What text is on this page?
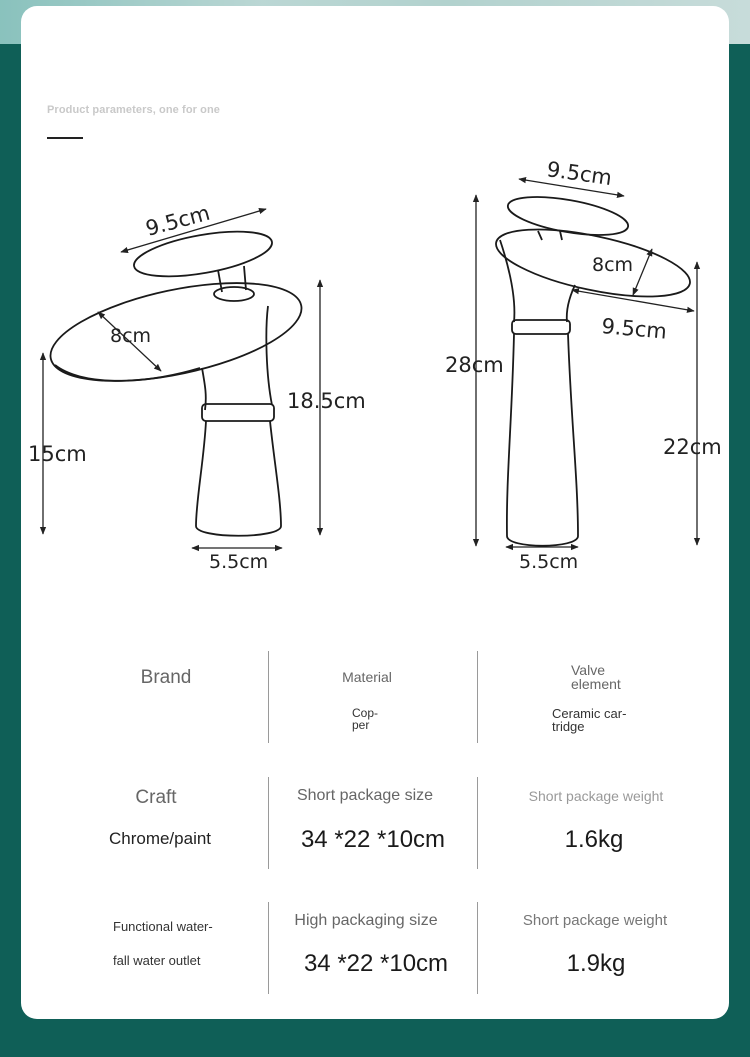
Product parameters, one for one
9.5cm
8cm
15cm
18.5cm
5.5cm
9.5cm
8cm
9.5cm
28cm
22cm
5.5cm
Brand	Material
Cop-
per
Valve
element
Ceramic car-
tridge
Craft
Chrome/paint
Short package size
34 *22 *10cm
Short package weight
1.6kg
Functional water-
fall water outlet
High packaging size
34 *22 *10cm
Short package weight
1.9kg
